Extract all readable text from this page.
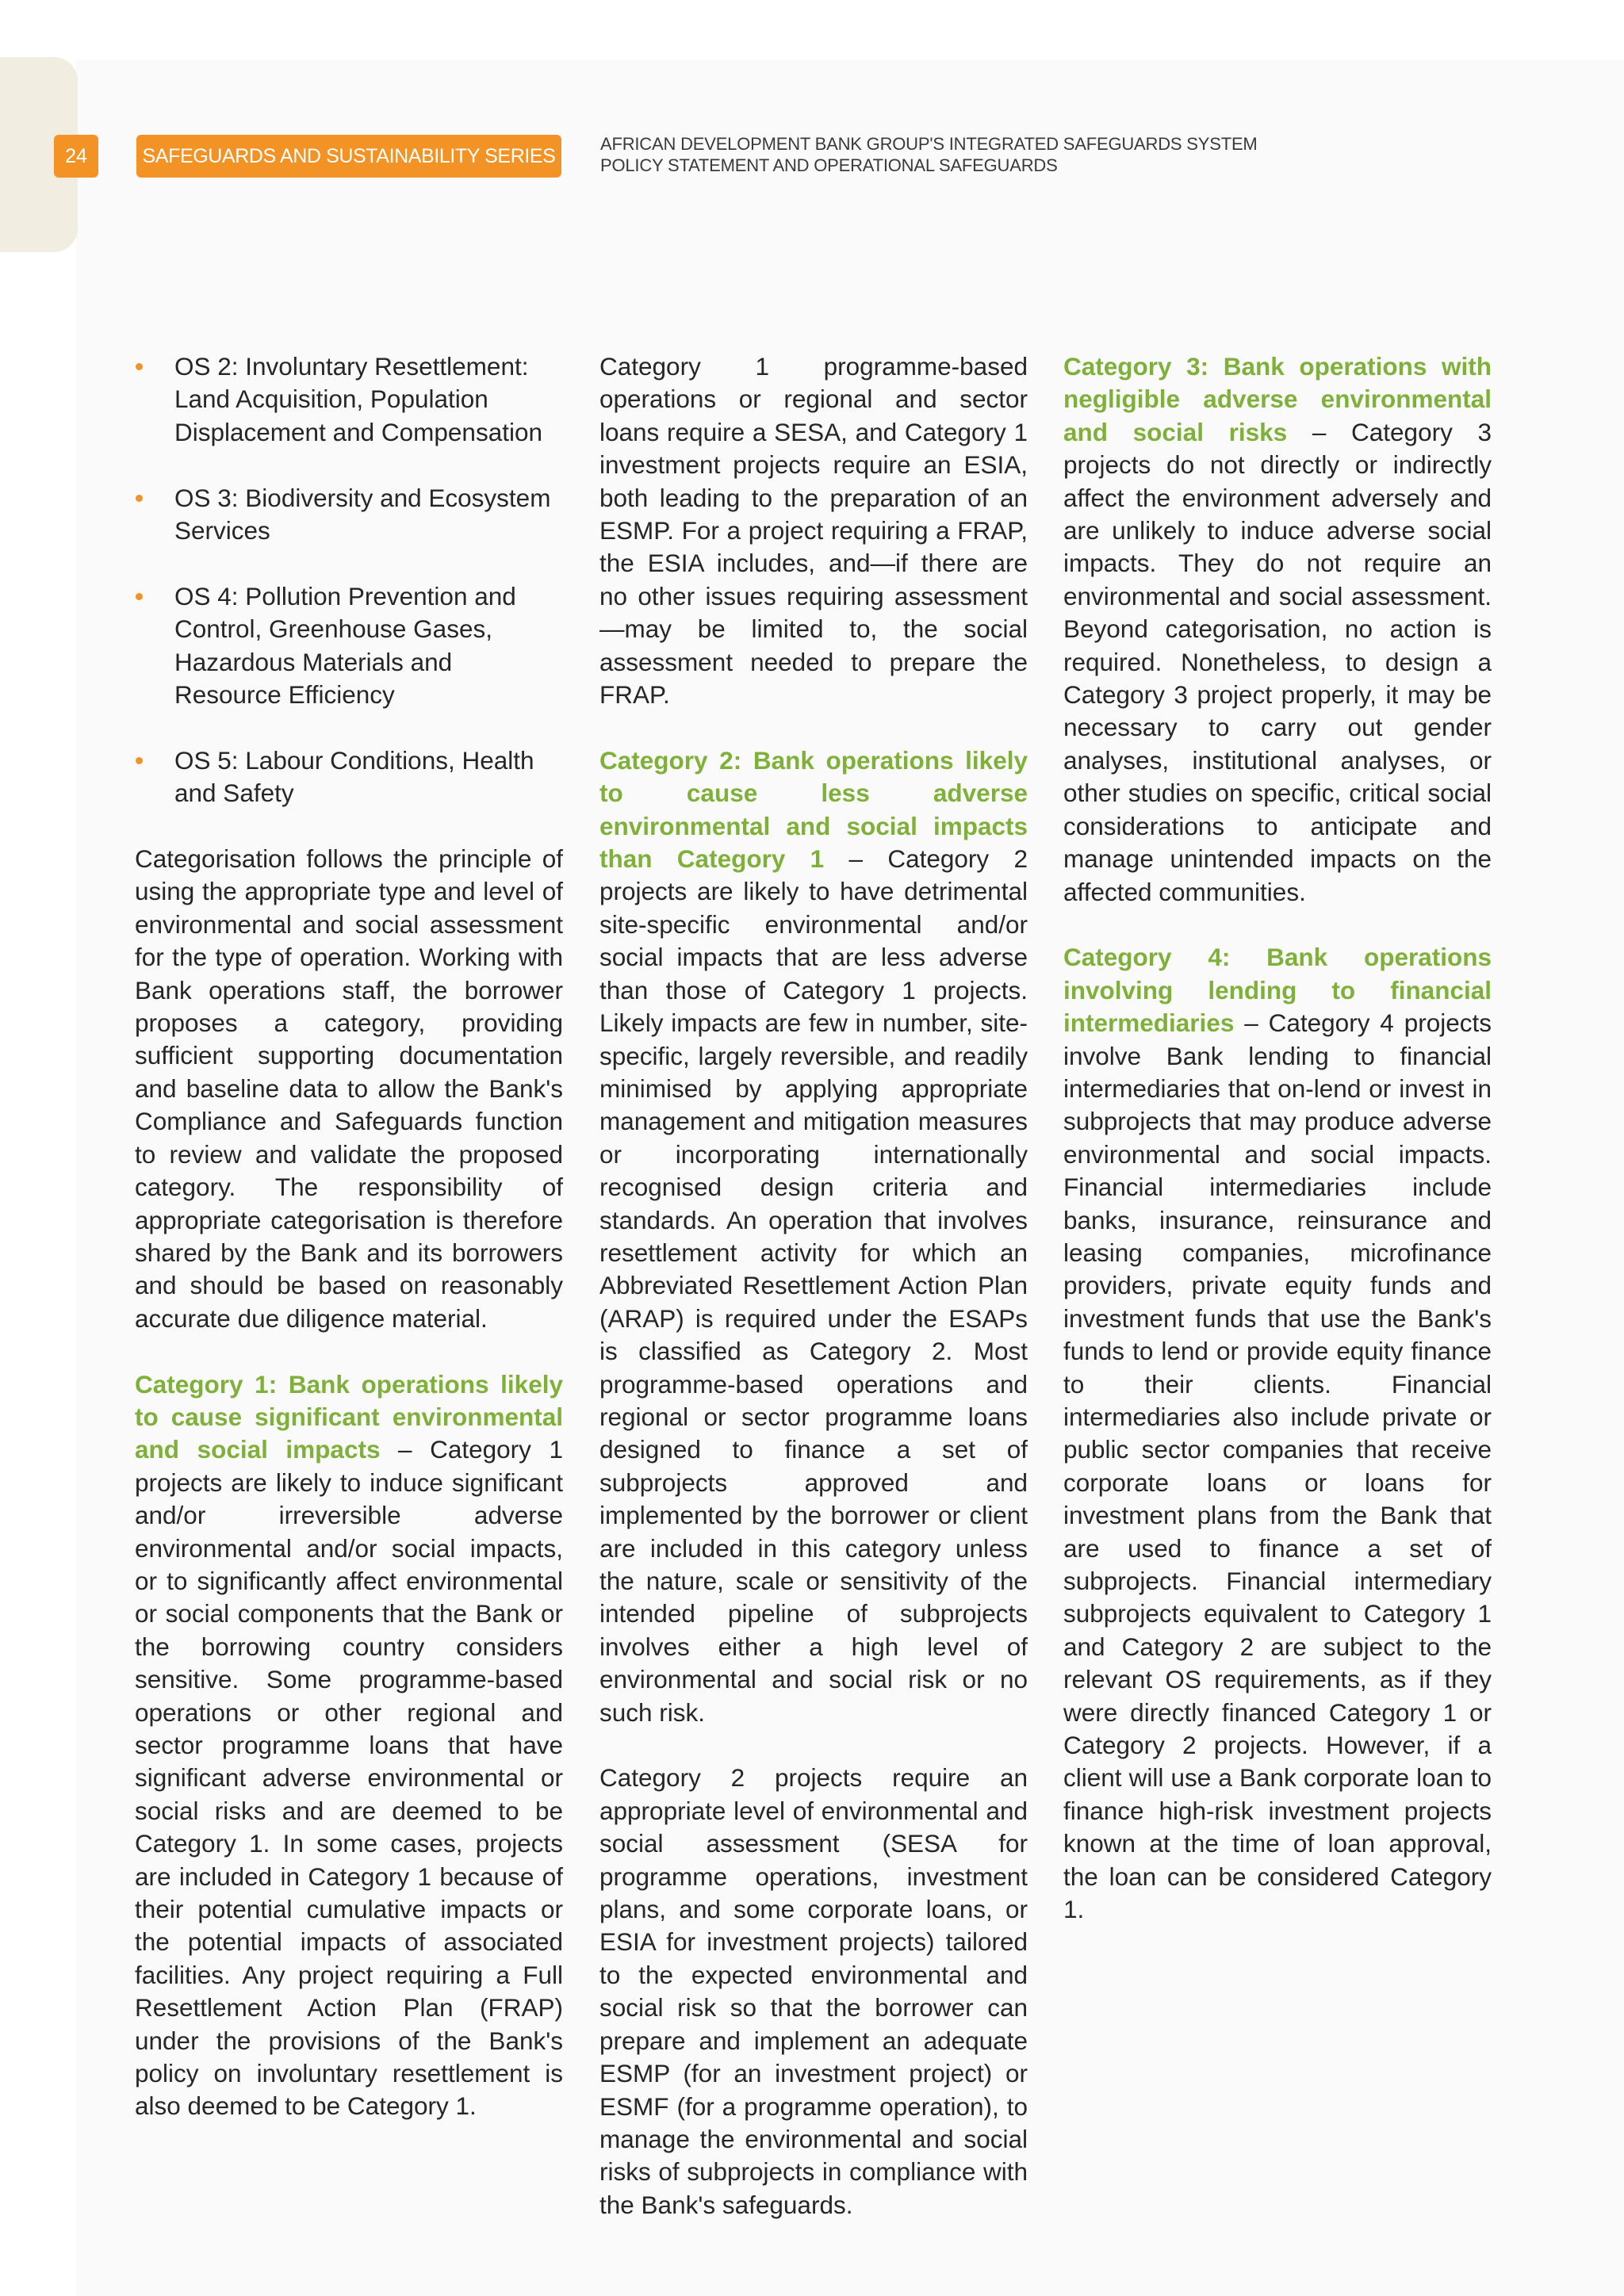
24	SAFEGUARDS AND SUSTAINABILITY SERIES
AFRICAN DEVELOPMENT BANK GROUP'S INTEGRATED SAFEGUARDS SYSTEM
POLICY STATEMENT AND OPERATIONAL SAFEGUARDS
OS 2: Involuntary Resettlement: Land Acquisition, Population Displacement and Compensation
OS 3: Biodiversity and Ecosystem Services
OS 4: Pollution Prevention and Control, Greenhouse Gases, Hazardous Materials and Resource Efficiency
OS 5: Labour Conditions, Health and Safety

Categorisation follows the principle of using the appropriate type and level of environmental and social assessment for the type of operation. Working with Bank operations staff, the borrower proposes a category, providing sufficient supporting documentation and baseline data to allow the Bank's Compliance and Safeguards function to review and validate the proposed category. The responsibility of appropriate categorisation is therefore shared by the Bank and its borrowers and should be based on reasonably accurate due diligence material.

Category 1: Bank operations likely to cause significant environmental and social impacts – Category 1 projects are likely to induce significant and/or irreversible adverse environmental and/or social impacts, or to significantly affect environmental or social components that the Bank or the borrowing country considers sensitive. Some programme-based operations or other regional and sector programme loans that have significant adverse environmental or social risks and are deemed to be Category 1. In some cases, projects are included in Category 1 because of their potential cumulative impacts or the potential impacts of associated facilities. Any project requiring a Full Resettlement Action Plan (FRAP) under the provisions of the Bank's policy on involuntary resettlement is also deemed to be Category 1.

Category 1 programme-based operations or regional and sector loans require a SESA, and Category 1 investment projects require an ESIA, both leading to the preparation of an ESMP. For a project requiring a FRAP, the ESIA includes, and—if there are no other issues requiring assessment—may be limited to, the social assessment needed to prepare the FRAP.

Category 2: Bank operations likely to cause less adverse environmental and social impacts than Category 1 – Category 2 projects are likely to have detrimental site-specific environmental and/or social impacts that are less adverse than those of Category 1 projects. Likely impacts are few in number, site-specific, largely reversible, and readily minimised by applying appropriate management and mitigation measures or incorporating internationally recognised design criteria and standards. An operation that involves resettlement activity for which an Abbreviated Resettlement Action Plan (ARAP) is required under the ESAPs is classified as Category 2. Most programme-based operations and regional or sector programme loans designed to finance a set of subprojects approved and implemented by the borrower or client are included in this category unless the nature, scale or sensitivity of the intended pipeline of subprojects involves either a high level of environmental and social risk or no such risk.

Category 2 projects require an appropriate level of environmental and social assessment (SESA for programme operations, investment plans, and some corporate loans, or ESIA for investment projects) tailored to the expected environmental and social risk so that the borrower can prepare and implement an adequate ESMP (for an investment project) or ESMF (for a programme operation), to manage the environmental and social risks of subprojects in compliance with the Bank's safeguards.

Category 3: Bank operations with negligible adverse environmental and social risks – Category 3 projects do not directly or indirectly affect the environment adversely and are unlikely to induce adverse social impacts. They do not require an environmental and social assessment. Beyond categorisation, no action is required. Nonetheless, to design a Category 3 project properly, it may be necessary to carry out gender analyses, institutional analyses, or other studies on specific, critical social considerations to anticipate and manage unintended impacts on the affected communities.

Category 4: Bank operations involving lending to financial intermediaries – Category 4 projects involve Bank lending to financial intermediaries that on-lend or invest in subprojects that may produce adverse environmental and social impacts. Financial intermediaries include banks, insurance, reinsurance and leasing companies, microfinance providers, private equity funds and investment funds that use the Bank's funds to lend or provide equity finance to their clients. Financial intermediaries also include private or public sector companies that receive corporate loans or loans for investment plans from the Bank that are used to finance a set of subprojects. Financial intermediary subprojects equivalent to Category 1 and Category 2 are subject to the relevant OS requirements, as if they were directly financed Category 1 or Category 2 projects. However, if a client will use a Bank corporate loan to finance high-risk investment projects known at the time of loan approval, the loan can be considered Category 1.
